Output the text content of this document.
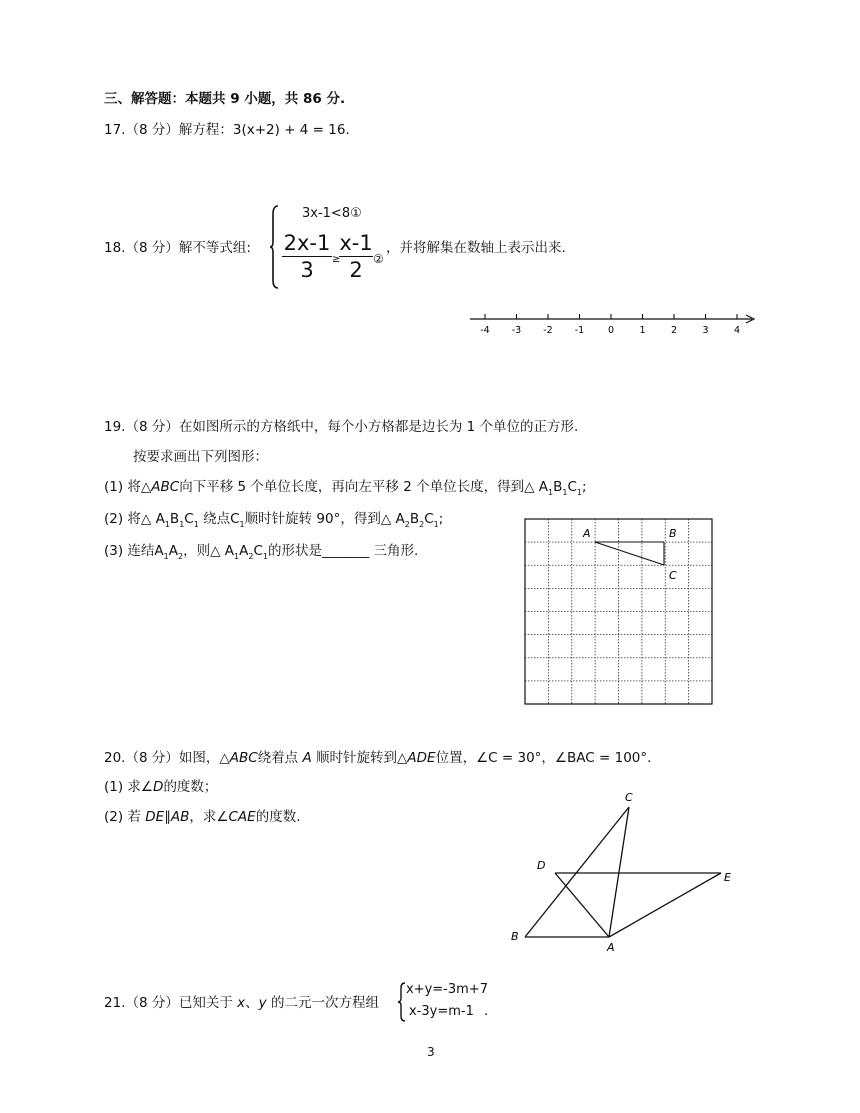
三、解答题：本题共 9 小题，共 86 分.
17.（8 分）解方程：3(x+2) + 4 = 16.
18.（8 分）解不等式组:
3x-1<8①
2x-1
3	≥
x-1
2 ②
，并将解集在数轴上表示出来.
-4 -3 -2 -1 0	1	2	3	4
19.（8 分）在如图所示的方格纸中，每个小方格都是边长为 1 个单位的正方形.
按要求画出下列图形：
(1) 将△ABC向下平移 5 个单位长度，再向左平移 2 个单位长度，得到△ $A_1B_1C_1$;
(2) 将△ $A_1B_1C_1$ 绕点$C_1$顺时针旋转 90°，得到△ $A_2B_2C_1$;
(3) 连结$A_1A_2$，则△ $A_1A_2C_1$的形状是_______ 三角形.
A	B
C
20.（8 分）如图，△ABC绕着点 A 顺时针旋转到△ADE位置，∠C = 30°，∠BAC = 100°.
(1) 求∠D的度数；
(2) 若 DE∥AB，求∠CAE的度数.
C
D
E
B
A
21.（8 分）已知关于 x、y 的二元一次方程组
x+y=-3m+7
x-3y=m-1 .
3
